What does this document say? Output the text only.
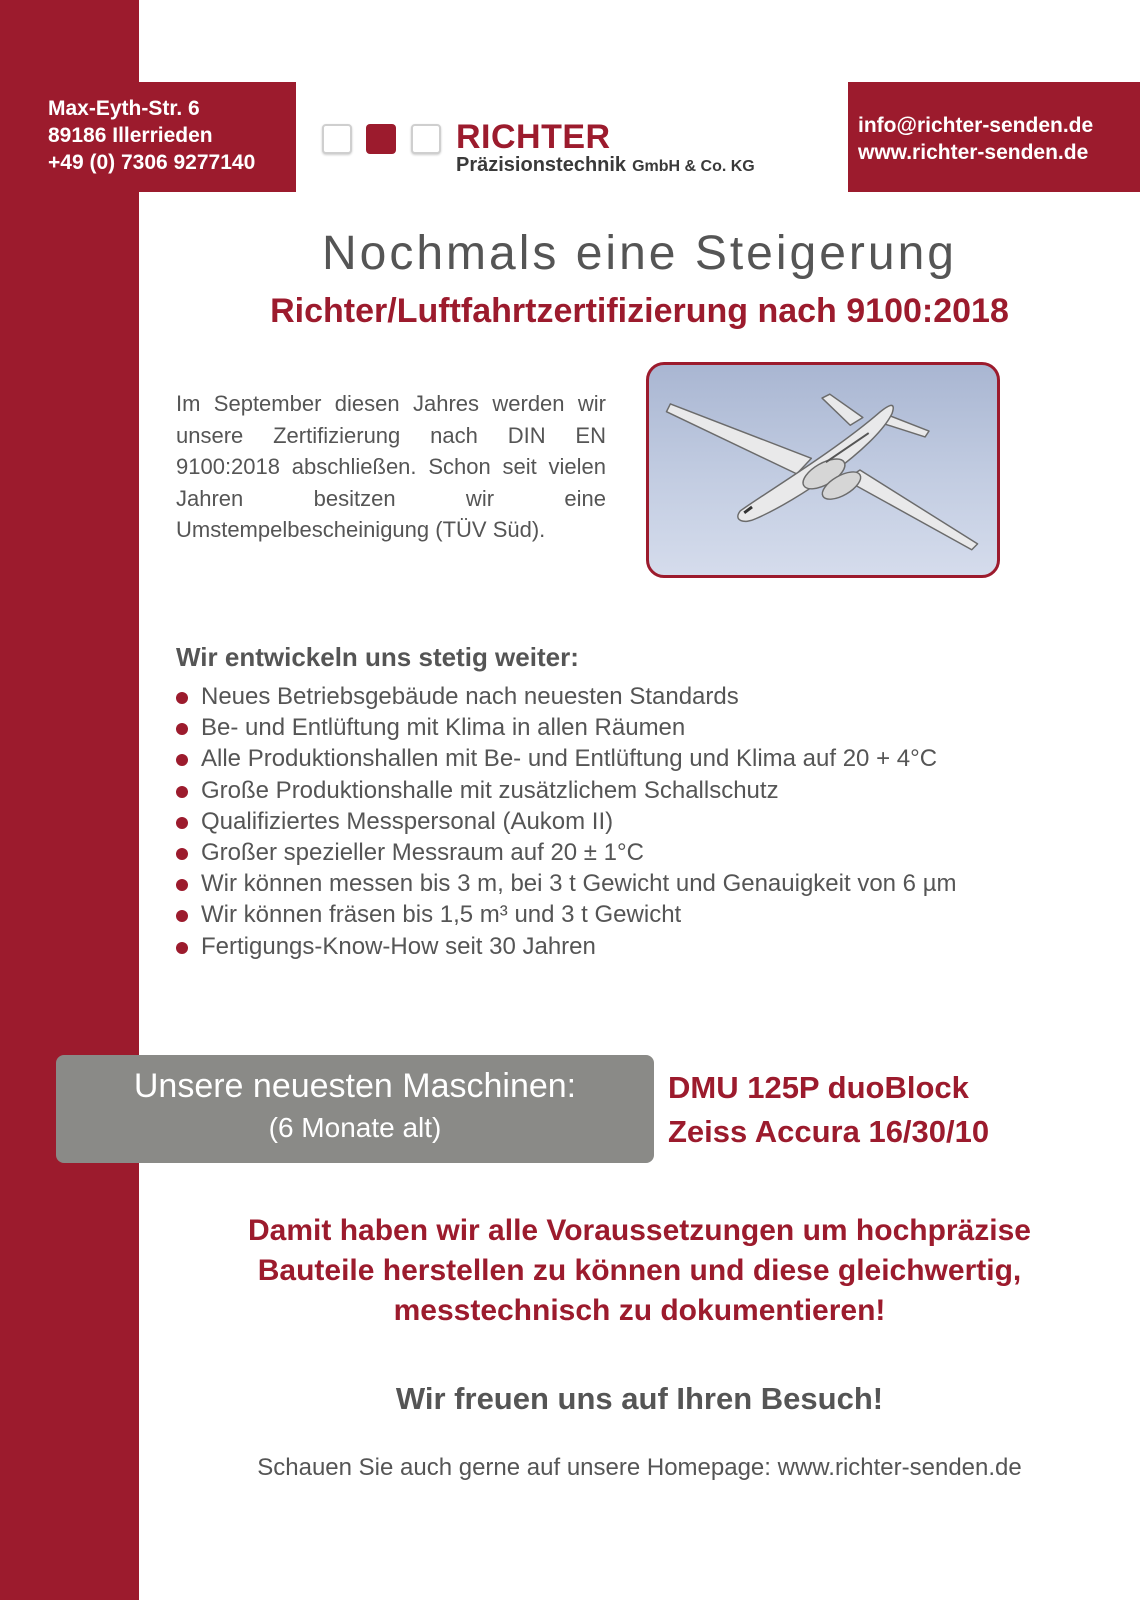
Max-Eyth-Str. 6
89186 Illerrieden
+49 (0) 7306 9277140
RICHTER
Präzisionstechnik GmbH & Co. KG
info@richter-senden.de
www.richter-senden.de
Nochmals eine Steigerung
Richter/Luftfahrtzertifizierung nach 9100:2018
Im September diesen Jahres werden wir unsere Zertifizierung nach DIN EN 9100:2018 abschließen. Schon seit vielen Jahren besitzen wir eine Umstempelbescheinigung (TÜV Süd).
Wir entwickeln uns stetig weiter:
Neues Betriebsgebäude nach neuesten Standards
Be- und Entlüftung mit Klima in allen Räumen
Alle Produktionshallen mit Be- und Entlüftung und Klima auf 20 + 4°C
Große Produktionshalle mit zusätzlichem Schallschutz
Qualifiziertes Messpersonal (Aukom II)
Großer spezieller Messraum auf 20 ± 1°C
Wir können messen bis 3 m, bei 3 t Gewicht und Genauigkeit von 6 µm
Wir können fräsen bis 1,5 m³ und 3 t Gewicht
Fertigungs-Know-How seit 30 Jahren
Unsere neuesten Maschinen:
(6 Monate alt)
DMU 125P duoBlock
Zeiss Accura 16/30/10
Damit haben wir alle Voraussetzungen um hochpräzise
Bauteile herstellen zu können und diese gleichwertig,
messtechnisch zu dokumentieren!
Wir freuen uns auf Ihren Besuch!
Schauen Sie auch gerne auf unsere Homepage: www.richter-senden.de
